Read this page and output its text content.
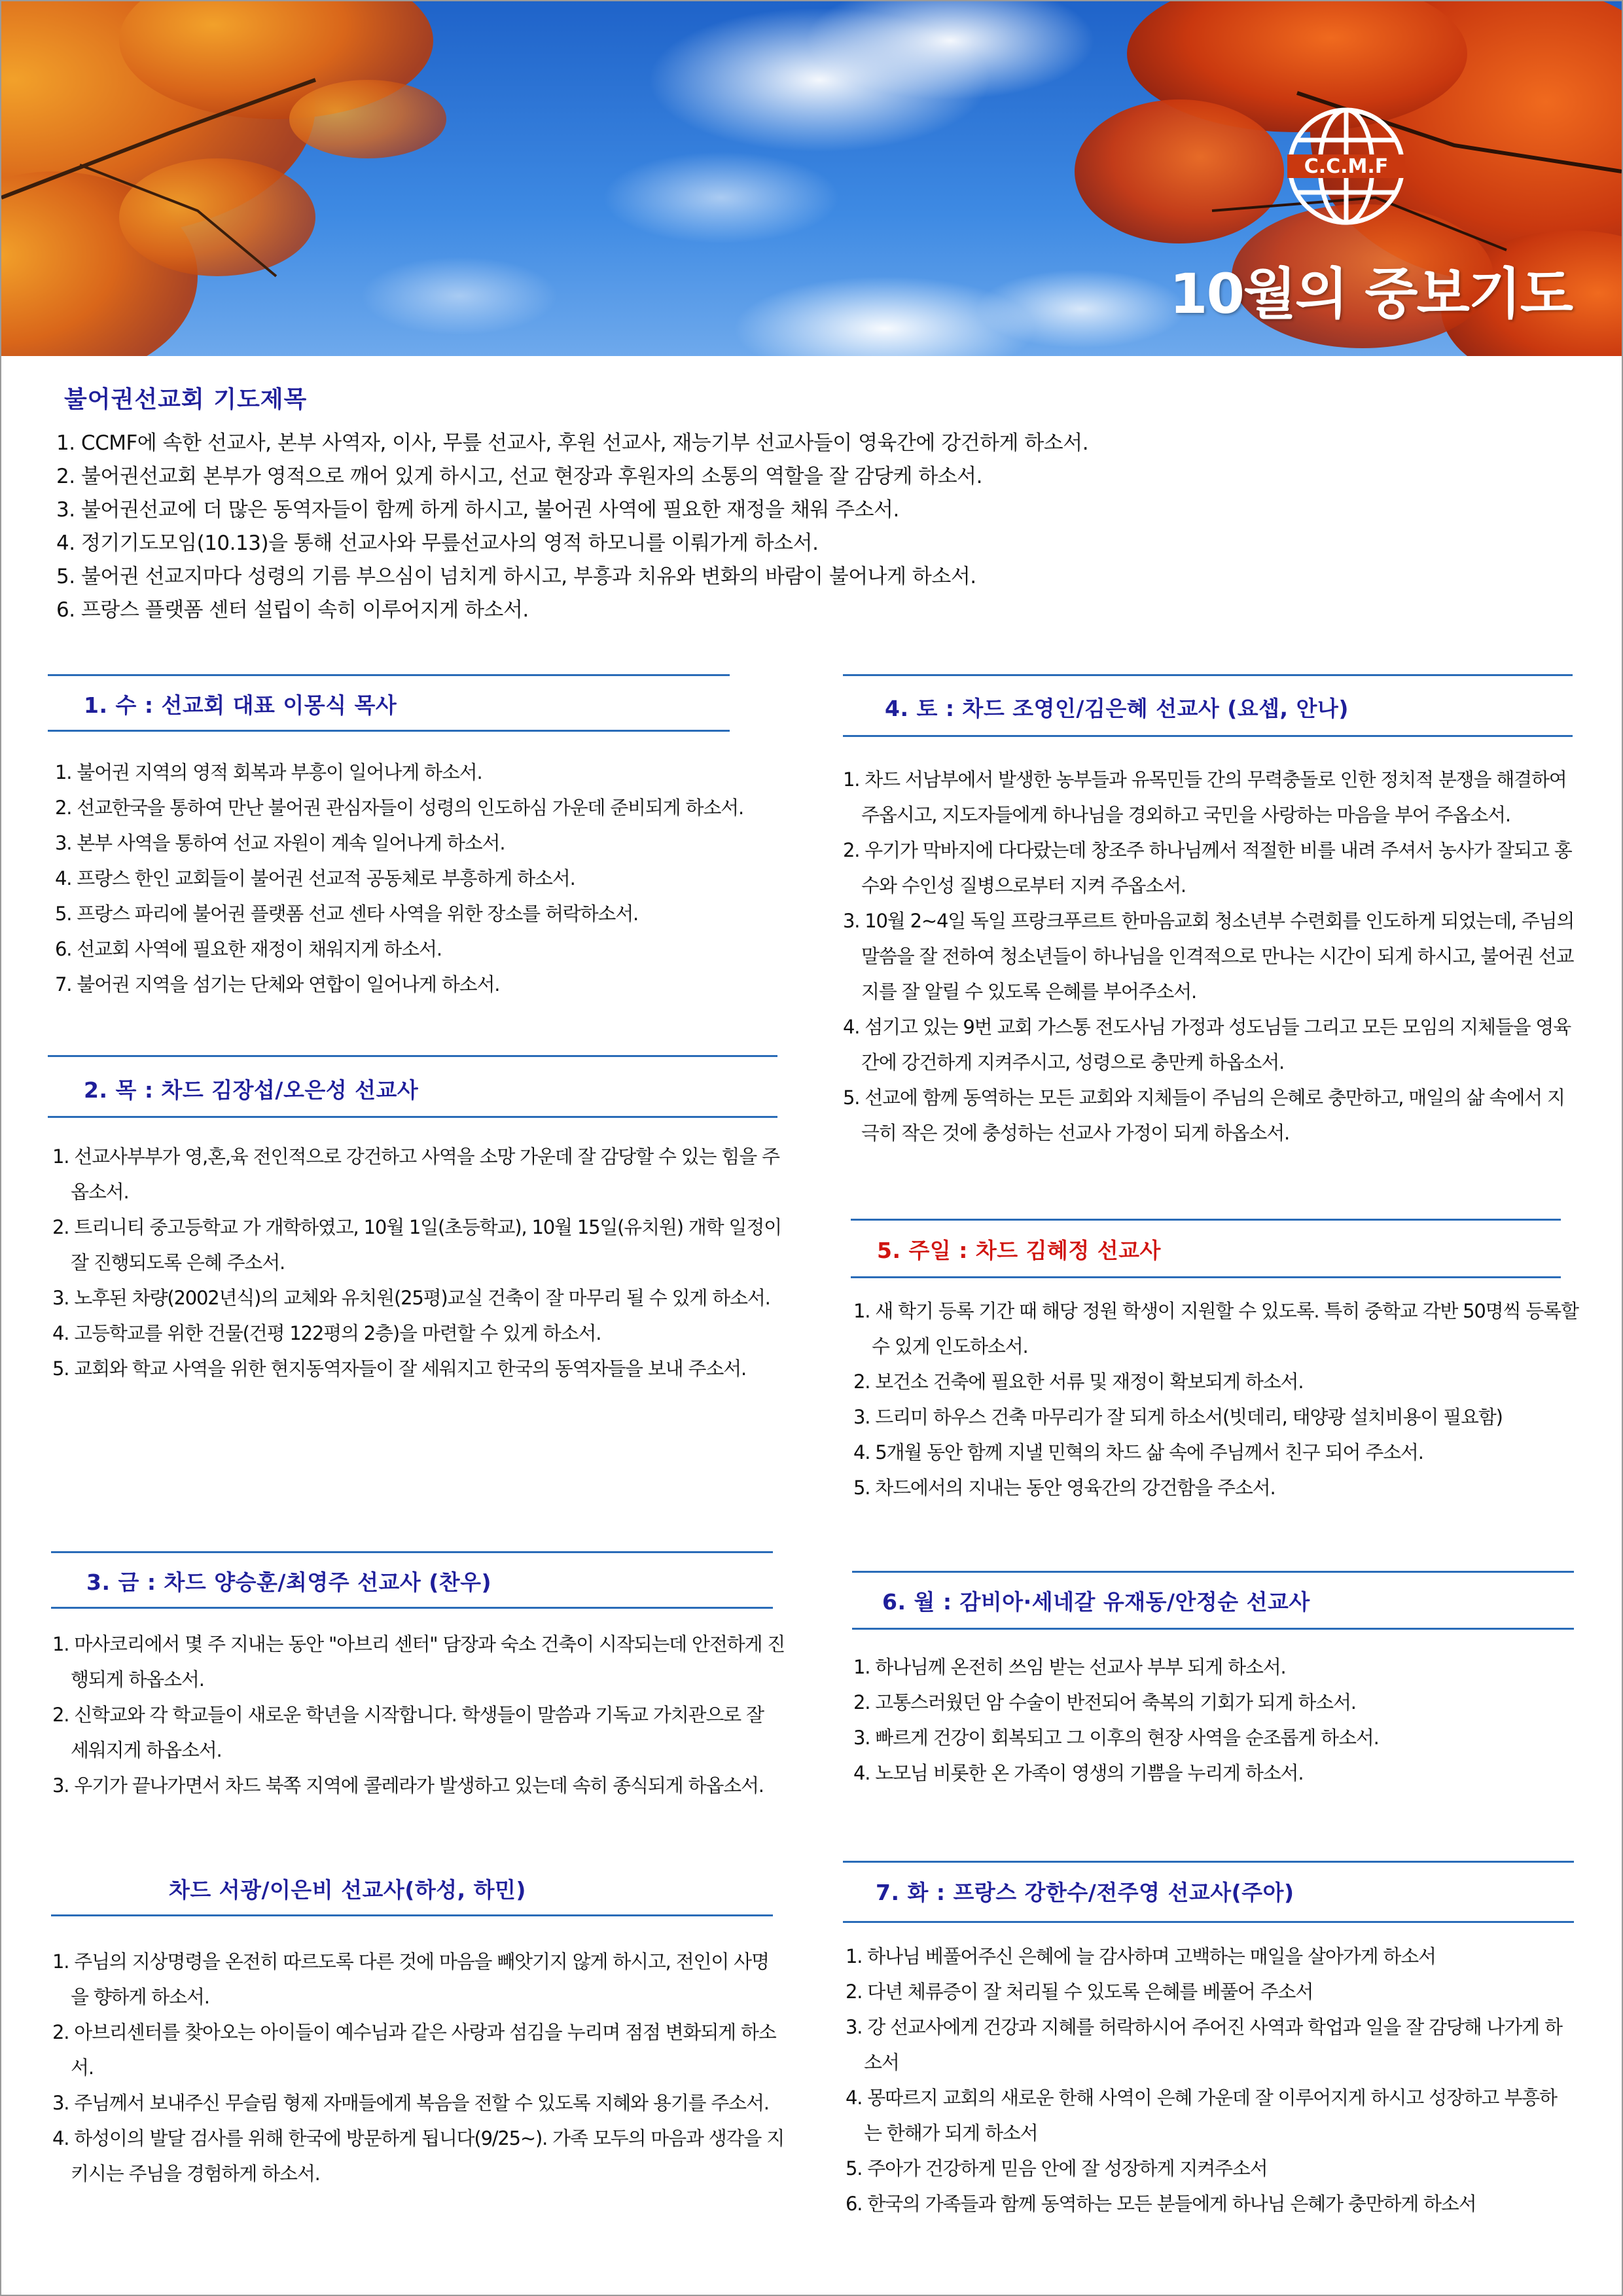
C.C.M.F
10월의 중보기도
불어권선교회 기도제목
1. CCMF에 속한 선교사, 본부 사역자, 이사, 무릎 선교사, 후원 선교사, 재능기부 선교사들이 영육간에 강건하게 하소서.
2. 불어권선교회 본부가 영적으로 깨어 있게 하시고, 선교 현장과 후원자의 소통의 역할을 잘 감당케 하소서.
3. 불어권선교에 더 많은 동역자들이 함께 하게 하시고, 불어권 사역에 필요한 재정을 채워 주소서.
4. 정기기도모임(10.13)을 통해 선교사와 무릎선교사의 영적 하모니를 이뤄가게 하소서.
5. 불어권 선교지마다 성령의 기름 부으심이 넘치게 하시고, 부흥과 치유와 변화의 바람이 불어나게 하소서.
6. 프랑스 플랫폼 센터 설립이 속히 이루어지게 하소서.
1. 수 : 선교회 대표 이몽식 목사
1. 불어권 지역의 영적 회복과 부흥이 일어나게 하소서.
2. 선교한국을 통하여 만난 불어권 관심자들이 성령의 인도하심 가운데 준비되게 하소서.
3. 본부 사역을 통하여 선교 자원이 계속 일어나게 하소서.
4. 프랑스 한인 교회들이 불어권 선교적 공동체로 부흥하게 하소서.
5. 프랑스 파리에 불어권 플랫폼 선교 센타 사역을 위한 장소를 허락하소서.
6. 선교회 사역에 필요한 재정이 채워지게 하소서.
7. 불어권 지역을 섬기는 단체와 연합이 일어나게 하소서.
2. 목 : 차드 김장섭/오은성 선교사
1. 선교사부부가 영,혼,육 전인적으로 강건하고 사역을 소망 가운데 잘 감당할 수 있는 힘을 주옵소서.
2. 트리니티 중고등학교 가 개학하였고, 10월 1일(초등학교), 10월 15일(유치원) 개학 일정이 잘 진행되도록 은혜 주소서.
3. 노후된 차량(2002년식)의 교체와 유치원(25평)교실 건축이 잘 마무리 될 수 있게 하소서.
4. 고등학교를 위한 건물(건평 122평의 2층)을 마련할 수 있게 하소서.
5. 교회와 학교 사역을 위한 현지동역자들이 잘 세워지고 한국의 동역자들을 보내 주소서.
3. 금 : 차드 양승훈/최영주 선교사 (찬우)
1. 마사코리에서 몇 주 지내는 동안 "아브리 센터" 담장과 숙소 건축이 시작되는데 안전하게 진행되게 하옵소서.
2. 신학교와 각 학교들이 새로운 학년을 시작합니다. 학생들이 말씀과 기독교 가치관으로 잘 세워지게 하옵소서.
3. 우기가 끝나가면서 차드 북쪽 지역에 콜레라가 발생하고 있는데 속히 종식되게 하옵소서.
차드 서광/이은비 선교사(하성, 하민)
1. 주님의 지상명령을 온전히 따르도록 다른 것에 마음을 빼앗기지 않게 하시고, 전인이 사명을 향하게 하소서.
2. 아브리센터를 찾아오는 아이들이 예수님과 같은 사랑과 섬김을 누리며 점점 변화되게 하소서.
3. 주님께서 보내주신 무슬림 형제 자매들에게 복음을 전할 수 있도록 지혜와 용기를 주소서.
4. 하성이의 발달 검사를 위해 한국에 방문하게 됩니다(9/25~). 가족 모두의 마음과 생각을 지키시는 주님을 경험하게 하소서.
4. 토 : 차드 조영인/김은혜 선교사 (요셉, 안나)
1. 차드 서남부에서 발생한 농부들과 유목민들 간의 무력충돌로 인한 정치적 분쟁을 해결하여 주옵시고, 지도자들에게 하나님을 경외하고 국민을 사랑하는 마음을 부어 주옵소서.
2. 우기가 막바지에 다다랐는데 창조주 하나님께서 적절한 비를 내려 주셔서 농사가 잘되고 홍수와 수인성 질병으로부터 지켜 주옵소서.
3. 10월 2~4일 독일 프랑크푸르트 한마음교회 청소년부 수련회를 인도하게 되었는데, 주님의 말씀을 잘 전하여 청소년들이 하나님을 인격적으로 만나는 시간이 되게 하시고, 불어권 선교지를 잘 알릴 수 있도록 은혜를 부어주소서.
4. 섬기고 있는 9번 교회 가스통 전도사님 가정과 성도님들 그리고 모든 모임의 지체들을 영육간에 강건하게 지켜주시고, 성령으로 충만케 하옵소서.
5. 선교에 함께 동역하는 모든 교회와 지체들이 주님의 은혜로 충만하고, 매일의 삶 속에서 지극히 작은 것에 충성하는 선교사 가정이 되게 하옵소서.
5. 주일 : 차드 김혜정 선교사
1. 새 학기 등록 기간 때 해당 정원 학생이 지원할 수 있도록. 특히 중학교 각반 50명씩 등록할 수 있게 인도하소서.
2. 보건소 건축에 필요한 서류 및 재정이 확보되게 하소서.
3. 드리미 하우스 건축 마무리가 잘 되게 하소서(빗데리, 태양광 설치비용이 필요함)
4. 5개월 동안 함께 지낼 민혁의 차드 삶 속에 주님께서 친구 되어 주소서.
5. 차드에서의 지내는 동안 영육간의 강건함을 주소서.
6. 월 : 감비아·세네갈 유재동/안정순 선교사
1. 하나님께 온전히 쓰임 받는 선교사 부부 되게 하소서.
2. 고통스러웠던 암 수술이 반전되어 축복의 기회가 되게 하소서.
3. 빠르게 건강이 회복되고 그 이후의 현장 사역을 순조롭게 하소서.
4. 노모님 비롯한 온 가족이 영생의 기쁨을 누리게 하소서.
7. 화 : 프랑스 강한수/전주영 선교사(주아)
1. 하나님 베풀어주신 은혜에 늘 감사하며 고백하는 매일을 살아가게 하소서
2. 다년 체류증이 잘 처리될 수 있도록 은혜를 베풀어 주소서
3. 강 선교사에게 건강과 지혜를 허락하시어 주어진 사역과 학업과 일을 잘 감당해 나가게 하소서
4. 몽따르지 교회의 새로운 한해 사역이 은혜 가운데 잘 이루어지게 하시고 성장하고 부흥하는 한해가 되게 하소서
5. 주아가 건강하게 믿음 안에 잘 성장하게 지켜주소서
6. 한국의 가족들과 함께 동역하는 모든 분들에게 하나님 은혜가 충만하게 하소서
